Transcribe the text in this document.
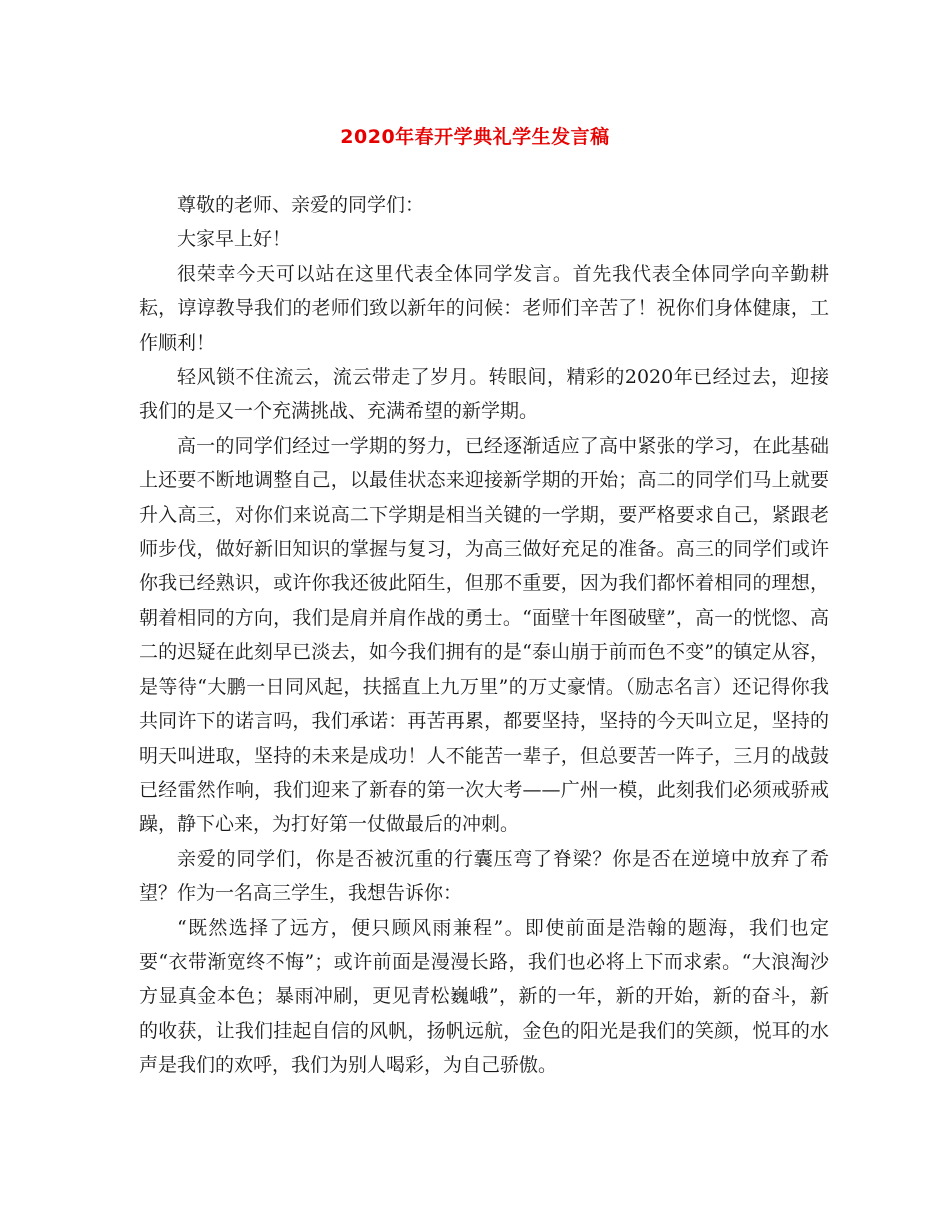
2020年春开学典礼学生发言稿

尊敬的老师、亲爱的同学们：

大家早上好！

很荣幸今天可以站在这里代表全体同学发言。首先我代表全体同学向辛勤耕耘，谆谆教导我们的老师们致以新年的问候：老师们辛苦了！祝你们身体健康，工作顺利！

轻风锁不住流云，流云带走了岁月。转眼间，精彩的2020年已经过去，迎接我们的是又一个充满挑战、充满希望的新学期。

高一的同学们经过一学期的努力，已经逐渐适应了高中紧张的学习，在此基础上还要不断地调整自己，以最佳状态来迎接新学期的开始；高二的同学们马上就要升入高三，对你们来说高二下学期是相当关键的一学期，要严格要求自己，紧跟老师步伐，做好新旧知识的掌握与复习，为高三做好充足的准备。高三的同学们或许你我已经熟识，或许你我还彼此陌生，但那不重要，因为我们都怀着相同的理想，朝着相同的方向，我们是肩并肩作战的勇士。“面壁十年图破壁”，高一的恍惚、高二的迟疑在此刻早已淡去，如今我们拥有的是“泰山崩于前而色不变”的镇定从容，是等待“大鹏一日同风起，扶摇直上九万里”的万丈豪情。（励志名言）还记得你我共同许下的诺言吗，我们承诺：再苦再累，都要坚持，坚持的今天叫立足，坚持的明天叫进取，坚持的未来是成功！人不能苦一辈子，但总要苦一阵子，三月的战鼓已经雷然作响，我们迎来了新春的第一次大考——广州一模，此刻我们必须戒骄戒躁，静下心来，为打好第一仗做最后的冲刺。

亲爱的同学们，你是否被沉重的行囊压弯了脊梁？你是否在逆境中放弃了希望？作为一名高三学生，我想告诉你：

“既然选择了远方，便只顾风雨兼程”。即使前面是浩翰的题海，我们也定要“衣带渐宽终不悔”；或许前面是漫漫长路，我们也必将上下而求索。“大浪淘沙方显真金本色；暴雨冲刷，更见青松巍峨”，新的一年，新的开始，新的奋斗，新的收获，让我们挂起自信的风帆，扬帆远航，金色的阳光是我们的笑颜，悦耳的水声是我们的欢呼，我们为别人喝彩，为自己骄傲。
